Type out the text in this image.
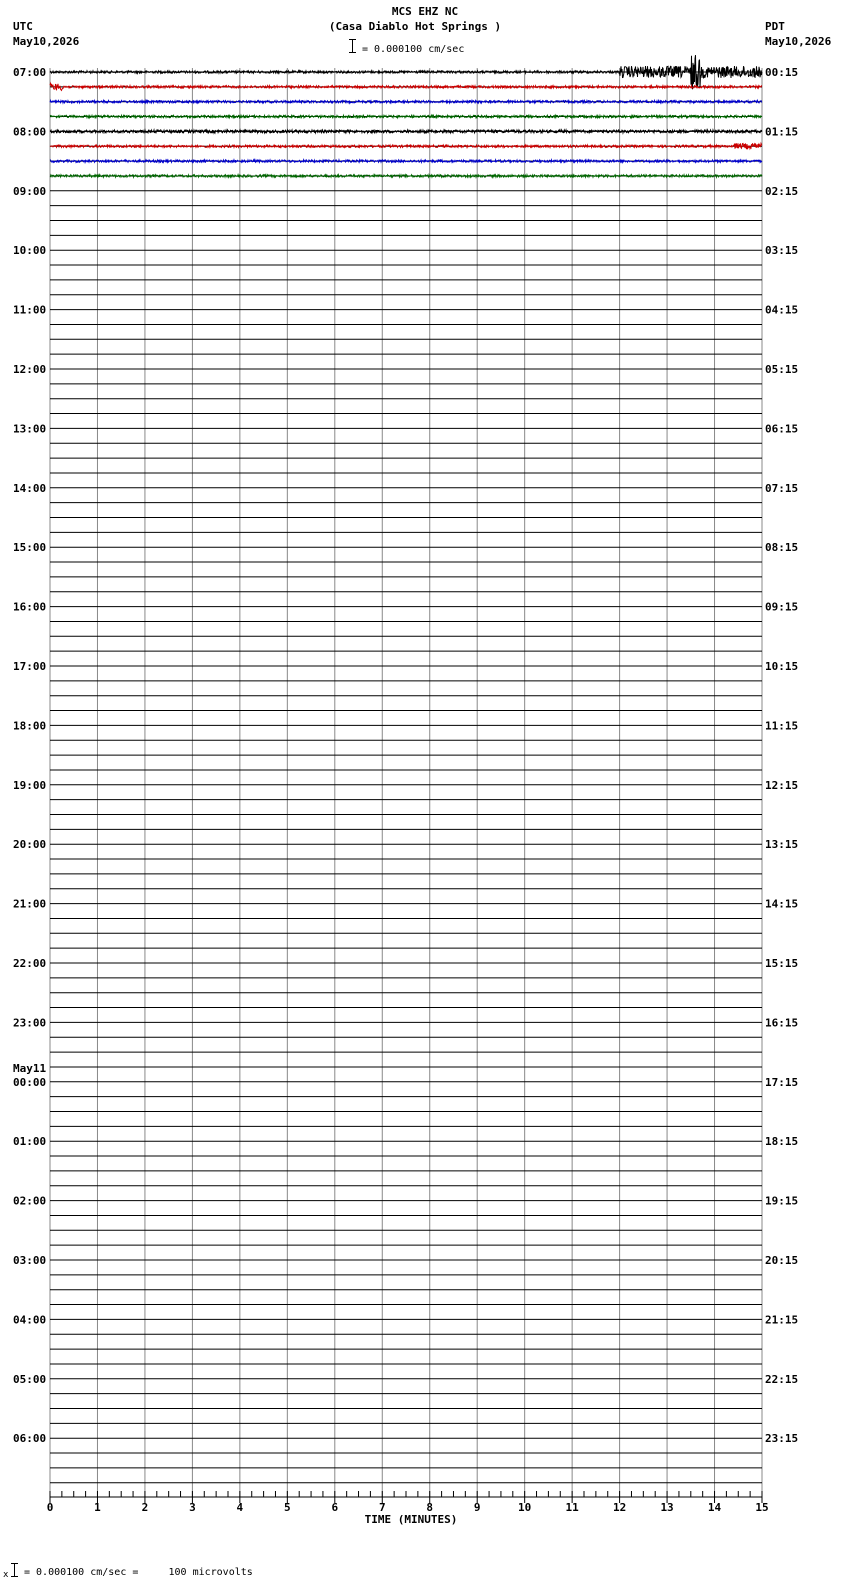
MCS EHZ NC
(Casa Diablo Hot Springs )
= 0.000100 cm/sec
UTC
May10,2026
PDT
May10,2026
0	1	2	3	4	5	6	7	8	9	10	11	12	13	14	15
TIME (MINUTES)
07:00
08:00
09:00
10:00
11:00
12:00
13:00
14:00
15:00
16:00
17:00
18:00
19:00
20:00
21:00
22:00
23:00
00:00
May11
01:00
02:00
03:00
04:00
05:00
06:00
00:15
01:15
02:15
03:15
04:15
05:15
06:15
07:15
08:15
09:15
10:15
11:15
12:15
13:15
14:15
15:15
16:15
17:15
18:15
19:15
20:15
21:15
22:15
23:15
x = 0.000100 cm/sec =     100 microvolts
